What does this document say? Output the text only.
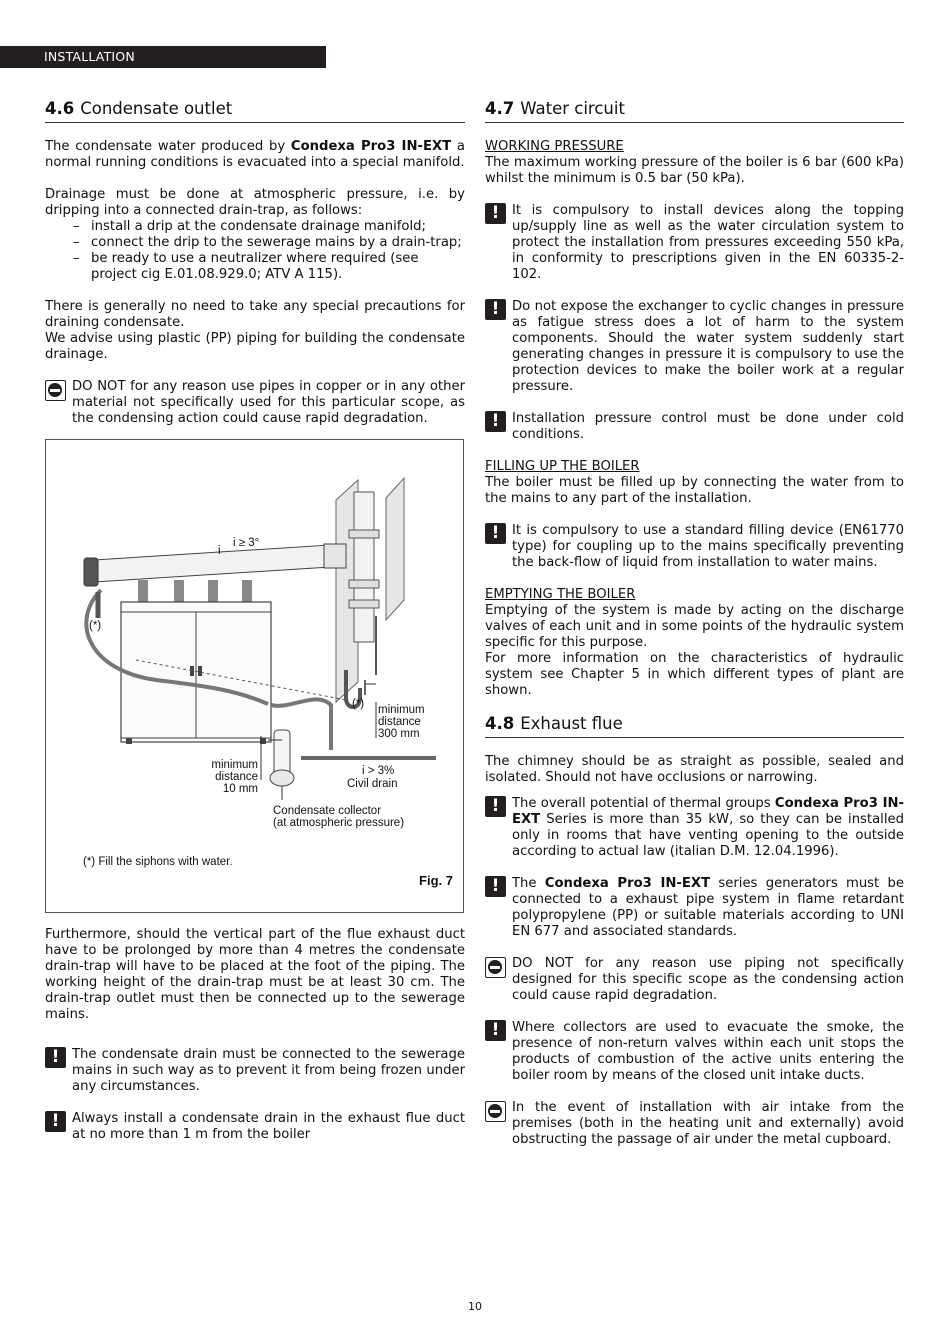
INSTALLATION
4.6 Condensate outlet

The condensate water produced by Condexa Pro3 IN-EXT a normal running conditions is evacuated into a special manifold.

Drainage must be done at atmospheric pressure, i.e. by dripping into a connected drain-trap, as follows:

– install a drip at the condensate drainage manifold;
– connect the drip to the sewerage mains by a drain-trap;
– be ready to use a neutralizer where required (see project cig E.01.08.929.0; ATV A 115).

There is generally no need to take any special precautions for draining condensate.

We advise using plastic (PP) piping for building the condensate drainage.

DO NOT for any reason use pipes in copper or in any other material not specifically used for this particular scope, as the condensing action could cause rapid degradation.
i ≥ 3°
i
(*)
(*) minimum
distance
300 mm
minimum
distance
10 mm
i > 3%
Civil drain
Condensate collector
(at atmospheric pressure)
(*) Fill the siphons with water.
Fig. 7

Furthermore, should the vertical part of the flue exhaust duct have to be prolonged by more than 4 metres the condensate drain-trap will have to be placed at the foot of the piping. The working height of the drain-trap must be at least 30 cm. The drain-trap outlet must then be connected up to the sewerage mains.

! The condensate drain must be connected to the sewerage mains in such way as to prevent it from being frozen under any circumstances.
! Always install a condensate drain in the exhaust flue duct at no more than 1 m from the boiler
4.7 Water circuit
WORKING PRESSURE

The maximum working pressure of the boiler is 6 bar (600 kPa) whilst the minimum is 0.5 bar (50 kPa).

! It is compulsory to install devices along the topping up/supply line as well as the water circulation system to protect the installation from pressures exceeding 550 kPa, in conformity to prescriptions given in the EN 60335-2-102.
! Do not expose the exchanger to cyclic changes in pressure as fatigue stress does a lot of harm to the system components. Should the water system suddenly start generating changes in pressure it is compulsory to use the protection devices to make the boiler work at a regular pressure.
! Installation pressure control must be done under cold conditions.
FILLING UP THE BOILER

The boiler must be filled up by connecting the water from to the mains to any part of the installation.

! It is compulsory to use a standard filling device (EN61770 type) for coupling up to the mains specifically preventing the back-flow of liquid from installation to water mains.
EMPTYING THE BOILER

Emptying of the system is made by acting on the discharge valves of each unit and in some points of the hydraulic system specific for this purpose.

For more information on the characteristics of hydraulic system see Chapter 5 in which different types of plant are shown.

4.8 Exhaust flue

The chimney should be as straight as possible, sealed and isolated. Should not have occlusions or narrowing.

! The overall potential of thermal groups Condexa Pro3 IN-EXT Series is more than 35 kW, so they can be installed only in rooms that have venting opening to the outside according to actual law (italian D.M. 12.04.1996).
! The Condexa Pro3 IN-EXT series generators must be connected to a exhaust pipe system in flame retardant polypropylene (PP) or suitable materials according to UNI EN 677 and associated standards.
DO NOT for any reason use piping not specifically designed for this specific scope as the condensing action could cause rapid degradation.
! Where collectors are used to evacuate the smoke, the presence of non-return valves within each unit stops the products of combustion of the active units entering the boiler room by means of the closed unit intake ducts.
In the event of installation with air intake from the premises (both in the heating unit and externally) avoid obstructing the passage of air under the metal cupboard.
10
